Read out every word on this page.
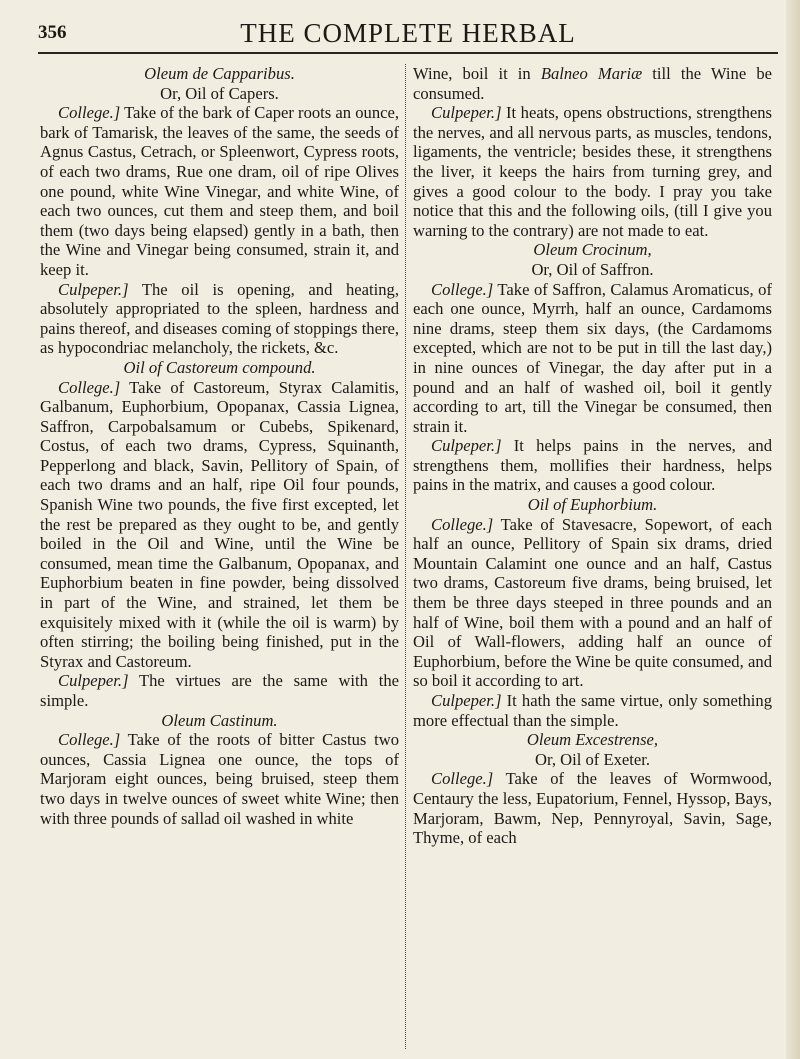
356	THE COMPLETE HERBAL

Oleum de Capparibus.

Or, Oil of Capers.

College.] Take of the bark of Caper roots an ounce, bark of Tamarisk, the leaves of the same, the seeds of Agnus Castus, Cetrach, or Spleenwort, Cypress roots, of each two drams, Rue one dram, oil of ripe Olives one pound, white Wine Vinegar, and white Wine, of each two ounces, cut them and steep them, and boil them (two days being elapsed) gently in a bath, then the Wine and Vinegar being consumed, strain it, and keep it.

Culpeper.] The oil is opening, and heating, absolutely appropriated to the spleen, hardness and pains thereof, and diseases coming of stoppings there, as hypocondriac melancholy, the rickets, &c.

Oil of Castoreum compound.

College.] Take of Castoreum, Styrax Calamitis, Galbanum, Euphorbium, Opopanax, Cassia Lignea, Saffron, Carpobalsamum or Cubebs, Spikenard, Costus, of each two drams, Cypress, Squinanth, Pepperlong and black, Savin, Pellitory of Spain, of each two drams and an half, ripe Oil four pounds, Spanish Wine two pounds, the five first excepted, let the rest be prepared as they ought to be, and gently boiled in the Oil and Wine, until the Wine be consumed, mean time the Galbanum, Opopanax, and Euphorbium beaten in fine powder, being dissolved in part of the Wine, and strained, let them be exquisitely mixed with it (while the oil is warm) by often stirring; the boiling being finished, put in the Styrax and Castoreum.

Culpeper.] The virtues are the same with the simple.

Oleum Castinum.

College.] Take of the roots of bitter Castus two ounces, Cassia Lignea one ounce, the tops of Marjoram eight ounces, being bruised, steep them two days in twelve ounces of sweet white Wine; then with three pounds of sallad oil washed in white

Wine, boil it in Balneo Mariæ till the Wine be consumed.

Culpeper.] It heats, opens obstructions, strengthens the nerves, and all nervous parts, as muscles, tendons, ligaments, the ventricle; besides these, it strengthens the liver, it keeps the hairs from turning grey, and gives a good colour to the body. I pray you take notice that this and the following oils, (till I give you warning to the contrary) are not made to eat.

Oleum Crocinum,

Or, Oil of Saffron.

College.] Take of Saffron, Calamus Aromaticus, of each one ounce, Myrrh, half an ounce, Cardamoms nine drams, steep them six days, (the Cardamoms excepted, which are not to be put in till the last day,) in nine ounces of Vinegar, the day after put in a pound and an half of washed oil, boil it gently according to art, till the Vinegar be consumed, then strain it.

Culpeper.] It helps pains in the nerves, and strengthens them, mollifies their hardness, helps pains in the matrix, and causes a good colour.

Oil of Euphorbium.

College.] Take of Stavesacre, Sopewort, of each half an ounce, Pellitory of Spain six drams, dried Mountain Calamint one ounce and an half, Castus two drams, Castoreum five drams, being bruised, let them be three days steeped in three pounds and an half of Wine, boil them with a pound and an half of Oil of Wall-flowers, adding half an ounce of Euphorbium, before the Wine be quite consumed, and so boil it according to art.

Culpeper.] It hath the same virtue, only something more effectual than the simple.

Oleum Excestrense,

Or, Oil of Exeter.

College.] Take of the leaves of Wormwood, Centaury the less, Eupatorium, Fennel, Hyssop, Bays, Marjoram, Bawm, Nep, Pennyroyal, Savin, Sage, Thyme, of each
